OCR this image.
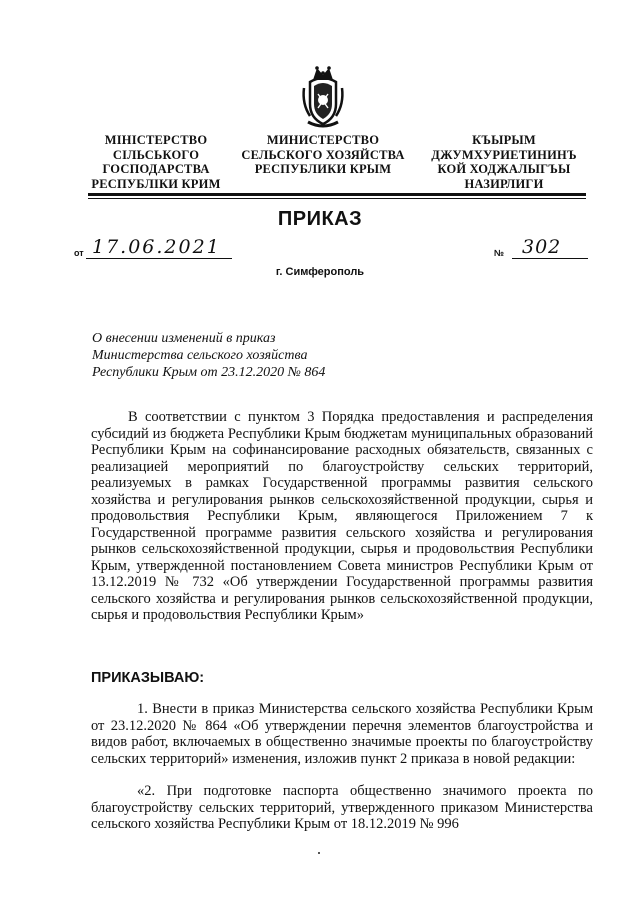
МІНІСТЕРСТВО
СІЛЬСЬКОГО
ГОСПОДАРСТВА
РЕСПУБЛІКИ КРИМ
МИНИСТЕРСТВО
СЕЛЬСКОГО ХОЗЯЙСТВА
РЕСПУБЛИКИ КРЫМ
КЪЫРЫМ
ДЖУМХУРИЕТИНИНЪ
КОЙ ХОДЖАЛЫГЪЫ
НАЗИРЛИГИ
ПРИКАЗ
от 17.06.2021	№ 302
г. Симферополь
О внесении изменений в приказ
Министерства сельского хозяйства
Республики Крым от 23.12.2020 № 864
В соответствии с пунктом 3 Порядка предоставления и распределения субсидий из бюджета Республики Крым бюджетам муниципальных образований Республики Крым на софинансирование расходных обязательств, связанных с реализацией мероприятий по благоустройству сельских территорий, реализуемых в рамках Государственной программы развития сельского хозяйства и регулирования рынков сельскохозяйственной продукции, сырья и продовольствия Республики Крым, являющегося Приложением 7 к Государственной программе развития сельского хозяйства и регулирования рынков сельскохозяйственной продукции, сырья и продовольствия Республики Крым, утвержденной постановлением Совета министров Республики Крым от 13.12.2019 № 732 «Об утверждении Государственной программы развития сельского хозяйства и регулирования рынков сельскохозяйственной продукции, сырья и продовольствия Республики Крым»
ПРИКАЗЫВАЮ:
1. Внести в приказ Министерства сельского хозяйства Республики Крым от 23.12.2020 № 864 «Об утверждении перечня элементов благоустройства и видов работ, включаемых в общественно значимые проекты по благоустройству сельских территорий» изменения, изложив пункт 2 приказа в новой редакции:
«2. При подготовке паспорта общественно значимого проекта по благоустройству сельских территорий, утвержденного приказом Министерства сельского хозяйства Республики Крым от 18.12.2019 № 996
